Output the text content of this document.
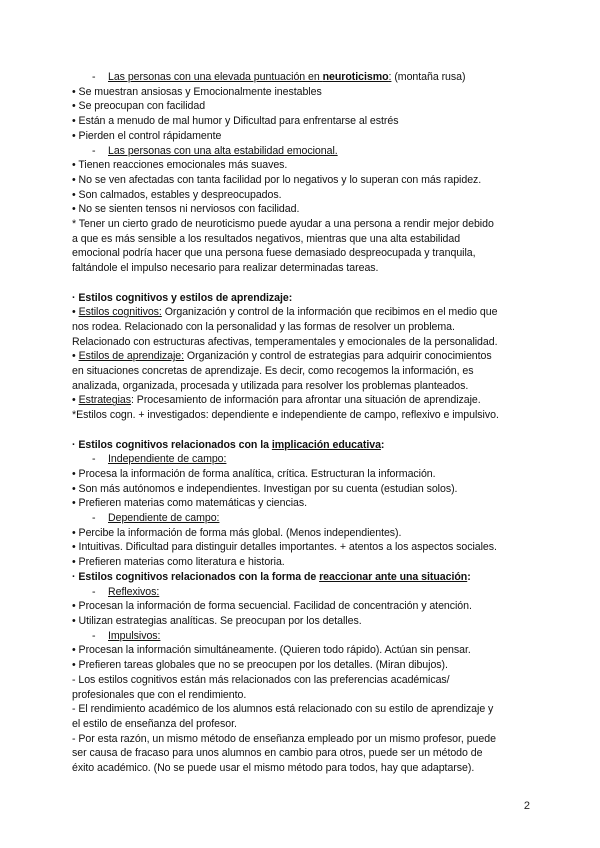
- Las personas con una elevada puntuación en neuroticismo: (montaña rusa)
• Se muestran ansiosas y Emocionalmente inestables
• Se preocupan con facilidad
• Están a menudo de mal humor y Dificultad para enfrentarse al estrés
• Pierden el control rápidamente
- Las personas con una alta estabilidad emocional.
• Tienen reacciones emocionales más suaves.
• No se ven afectadas con tanta facilidad por lo negativos y lo superan con más rapidez.
• Son calmados, estables y despreocupados.
• No se sienten tensos ni nerviosos con facilidad.
* Tener un cierto grado de neuroticismo puede ayudar a una persona a rendir mejor debido
a que es más sensible a los resultados negativos, mientras que una alta estabilidad
emocional podría hacer que una persona fuese demasiado despreocupada y tranquila,
faltándole el impulso necesario para realizar determinadas tareas.
· Estilos cognitivos y estilos de aprendizaje:
• Estilos cognitivos: Organización y control de la información que recibimos en el medio que
nos rodea. Relacionado con la personalidad y las formas de resolver un problema.
Relacionado con estructuras afectivas, temperamentales y emocionales de la personalidad.
• Estilos de aprendizaje: Organización y control de estrategias para adquirir conocimientos
en situaciones concretas de aprendizaje. Es decir, como recogemos la información, es
analizada, organizada, procesada y utilizada para resolver los problemas planteados.
• Estrategias: Procesamiento de información para afrontar una situación de aprendizaje.
*Estilos cogn. + investigados: dependiente e independiente de campo, reflexivo e impulsivo.
· Estilos cognitivos relacionados con la implicación educativa:
- Independiente de campo:
• Procesa la información de forma analítica, crítica. Estructuran la información.
• Son más autónomos e independientes. Investigan por su cuenta (estudian solos).
• Prefieren materias como matemáticas y ciencias.
- Dependiente de campo:
• Percibe la información de forma más global. (Menos independientes).
• Intuitivas. Dificultad para distinguir detalles importantes. + atentos a los aspectos sociales.
• Prefieren materias como literatura e historia.
· Estilos cognitivos relacionados con la forma de reaccionar ante una situación:
- Reflexivos:
• Procesan la información de forma secuencial. Facilidad de concentración y atención.
• Utilizan estrategias analíticas. Se preocupan por los detalles.
- Impulsivos:
• Procesan la información simultáneamente. (Quieren todo rápido). Actúan sin pensar.
• Prefieren tareas globales que no se preocupen por los detalles. (Miran dibujos).
- Los estilos cognitivos están más relacionados con las preferencias académicas/
profesionales que con el rendimiento.
- El rendimiento académico de los alumnos está relacionado con su estilo de aprendizaje y
el estilo de enseñanza del profesor.
- Por esta razón, un mismo método de enseñanza empleado por un mismo profesor, puede
ser causa de fracaso para unos alumnos en cambio para otros, puede ser un método de
éxito académico. (No se puede usar el mismo método para todos, hay que adaptarse).
2
